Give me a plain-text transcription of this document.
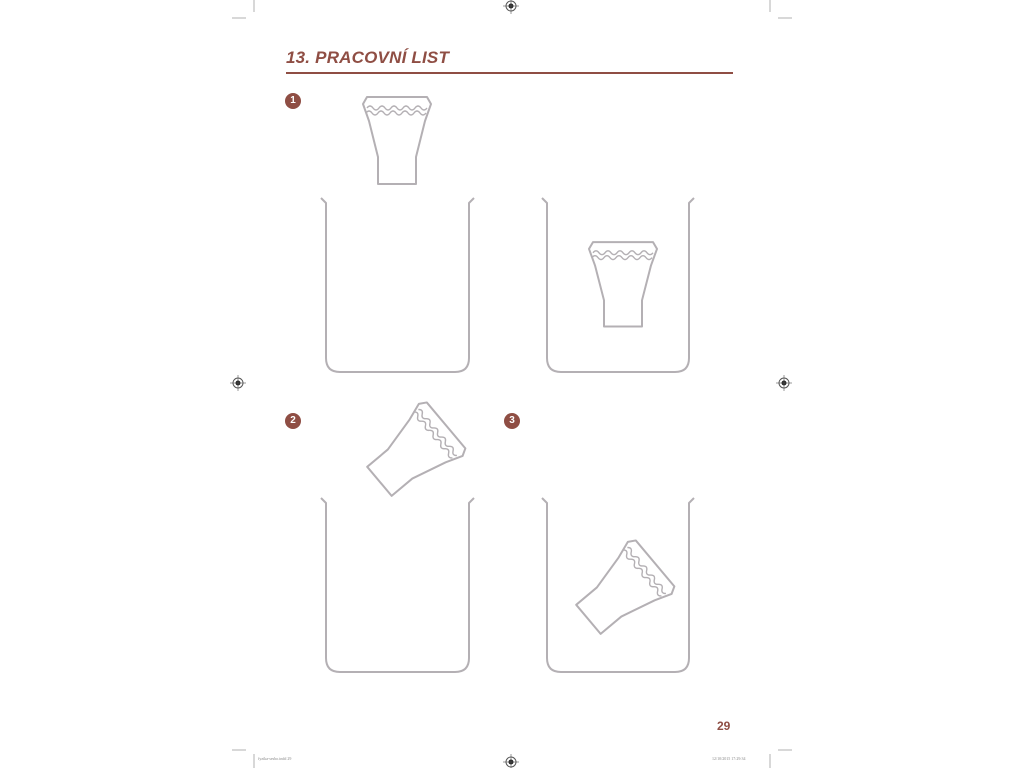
13. PRACOVNÍ LIST
1
2	3
29
fyzika-sesbo.indd 29	12/10/2015 17:29:34
